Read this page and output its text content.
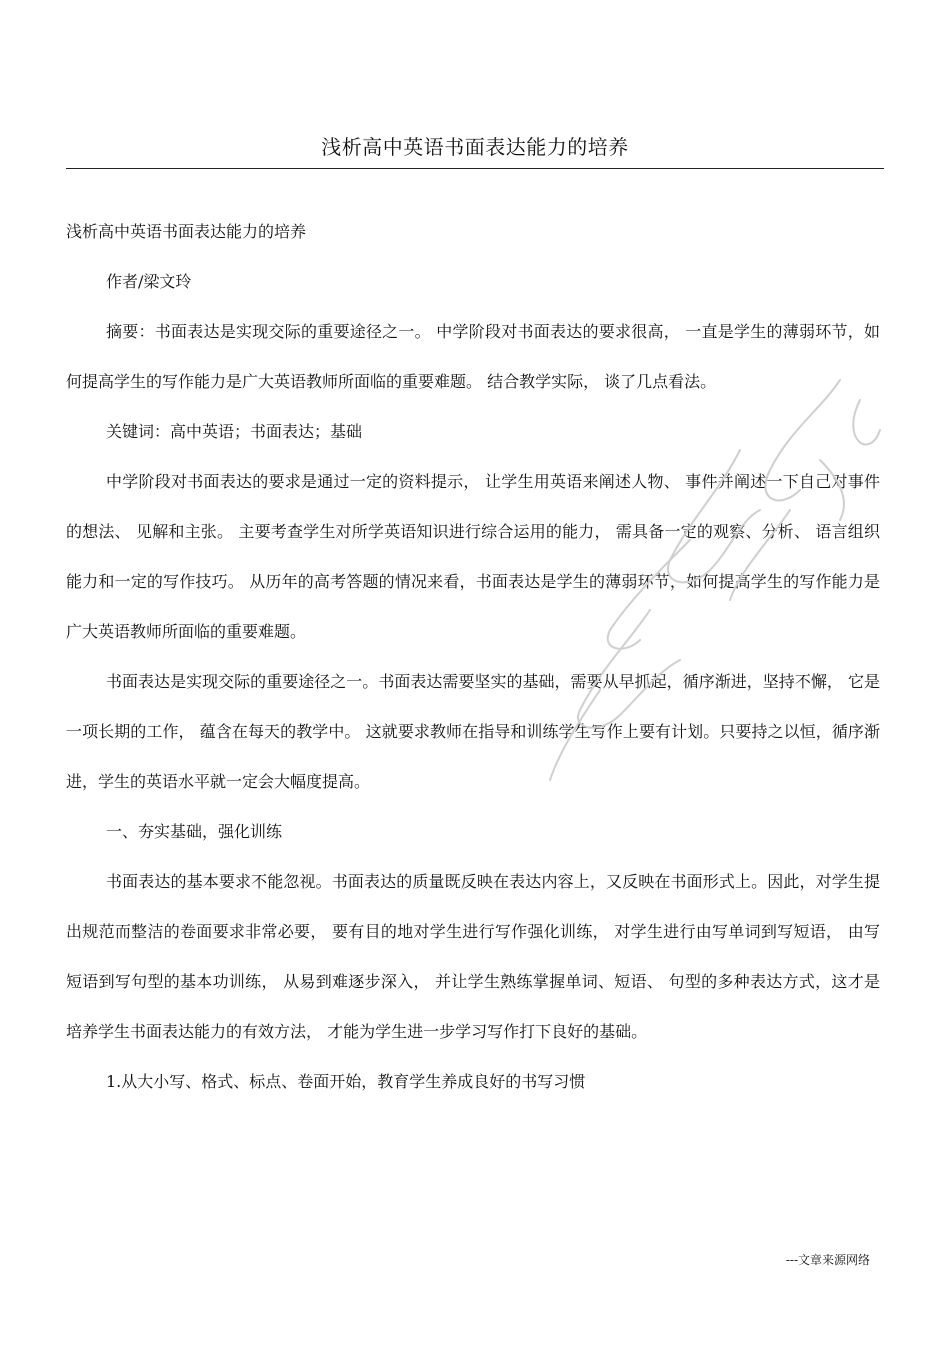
浅析高中英语书面表达能力的培养

浅析高中英语书面表达能力的培养

作者/梁文玲

摘要：书面表达是实现交际的重要途径之一。 中学阶段对书面表达的要求很高， 一直是学生的薄弱环节，如何提高学生的写作能力是广大英语教师所面临的重要难题。 结合教学实际， 谈了几点看法。

关键词：高中英语；书面表达；基础

中学阶段对书面表达的要求是通过一定的资料提示， 让学生用英语来阐述人物、 事件并阐述一下自己对事件的想法、 见解和主张。 主要考查学生对所学英语知识进行综合运用的能力， 需具备一定的观察、分析、 语言组织能力和一定的写作技巧。 从历年的高考答题的情况来看，书面表达是学生的薄弱环节，如何提高学生的写作能力是广大英语教师所面临的重要难题。

书面表达是实现交际的重要途径之一。书面表达需要坚实的基础，需要从早抓起，循序渐进，坚持不懈， 它是一项长期的工作， 蕴含在每天的教学中。 这就要求教师在指导和训练学生写作上要有计划。只要持之以恒，循序渐进，学生的英语水平就一定会大幅度提高。

一、夯实基础，强化训练

书面表达的基本要求不能忽视。书面表达的质量既反映在表达内容上，又反映在书面形式上。因此，对学生提出规范而整洁的卷面要求非常必要， 要有目的地对学生进行写作强化训练， 对学生进行由写单词到写短语， 由写短语到写句型的基本功训练， 从易到难逐步深入， 并让学生熟练掌握单词、短语、 句型的多种表达方式，这才是培养学生书面表达能力的有效方法， 才能为学生进一步学习写作打下良好的基础。

1.从大小写、格式、标点、卷面开始，教育学生养成良好的书写习惯

---文章来源网络
